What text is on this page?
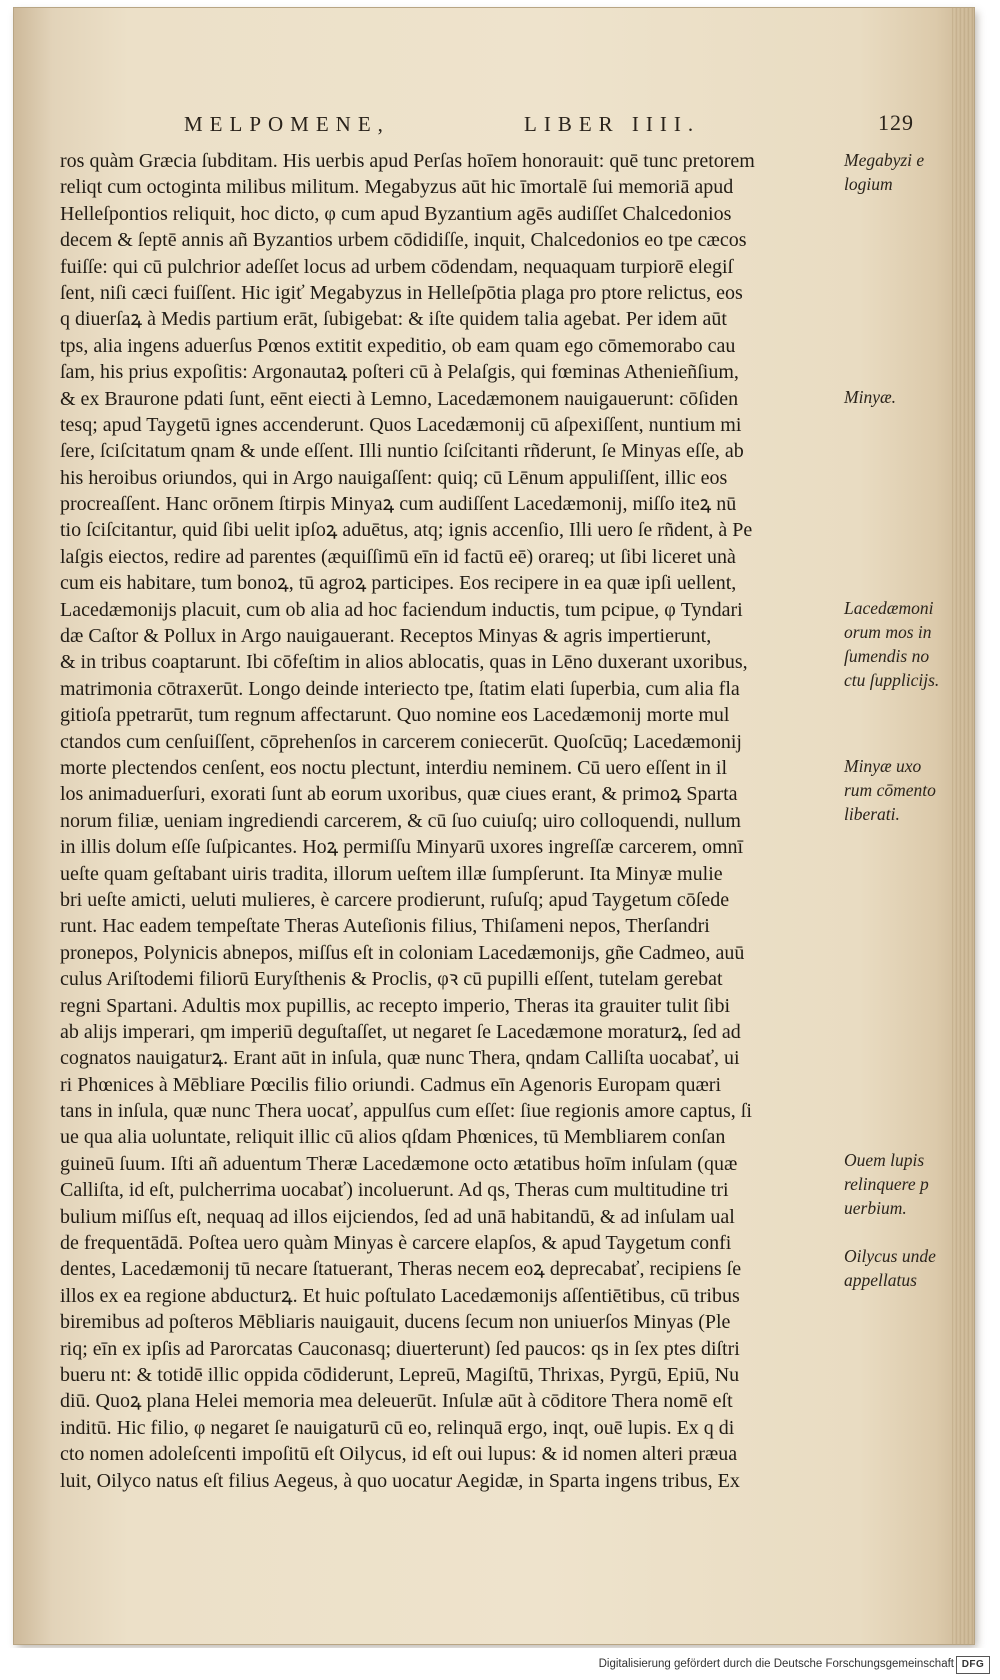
MELPOMENE,	LIBER IIII.	129
ros quàm Græcia ſubditam. His uerbis apud Perſas hoīem honorauit: quē tunc pretorem
reliqt cum octoginta milibus militum. Megabyzus aūt hic īmortalē ſui memoriā apud
Helleſpontios reliquit, hoc dicto, φ cum apud Byzantium agēs audiſſet Chalcedonios
decem & ſeptē annis añ Byzantios urbem cōdidiſſe, inquit, Chalcedonios eo tpe cæcos
fuiſſe: qui cū pulchrior adeſſet locus ad urbem cōdendam, nequaquam turpiorē elegiſ
ſent, niſi cæci fuiſſent. Hic igiť Megabyzus in Helleſpōtia plaga pro ptore relictus, eos
q diuerſaꝝ à Medis partium erāt, ſubigebat: & iſte quidem talia agebat. Per idem aūt
tps, alia ingens aduerſus Pœnos extitit expeditio, ob eam quam ego cōmemorabo cau
ſam, his prius expoſitis: Argonautaꝝ poſteri cū à Pelaſgis, qui fœminas Athenieñſium,
& ex Braurone pdati ſunt, eēnt eiecti à Lemno, Lacedæmonem nauigauerunt: cōſiden
tesq; apud Taygetū ignes accenderunt. Quos Lacedæmonij cū aſpexiſſent, nuntium mi
ſere, ſciſcitatum qnam & unde eſſent. Illi nuntio ſciſcitanti rñderunt, ſe Minyas eſſe, ab
his heroibus oriundos, qui in Argo nauigaſſent: quiq; cū Lēnum appuliſſent, illic eos
procreaſſent. Hanc orōnem ſtirpis Minyaꝝ cum audiſſent Lacedæmonij, miſſo iteꝝ nū
tio ſciſcitantur, quid ſibi uelit ipſoꝝ aduētus, atq; ignis accenſio, Illi uero ſe rñdent, à Pe
laſgis eiectos, redire ad parentes (æquiſſimū eīn id factū eē) orareq; ut ſibi liceret unà
cum eis habitare, tum bonoꝝ, tū agroꝝ participes. Eos recipere in ea quæ ipſi uellent,
Lacedæmonijs placuit, cum ob alia ad hoc faciendum inductis, tum pcipue, φ Tyndari
dæ Caſtor & Pollux in Argo nauigauerant. Receptos Minyas & agris impertierunt,
& in tribus coaptarunt. Ibi cōfeſtim in alios ablocatis, quas in Lēno duxerant uxoribus,
matrimonia cōtraxerūt. Longo deinde interiecto tpe, ſtatim elati ſuperbia, cum alia fla
gitioſa ppetrarūt, tum regnum affectarunt. Quo nomine eos Lacedæmonij morte mul
ctandos cum cenſuiſſent, cōprehenſos in carcerem coniecerūt. Quoſcūq; Lacedæmonij
morte plectendos cenſent, eos noctu plectunt, interdiu neminem. Cū uero eſſent in il
los animaduerſuri, exorati ſunt ab eorum uxoribus, quæ ciues erant, & primoꝝ Sparta
norum filiæ, ueniam ingrediendi carcerem, & cū ſuo cuiuſq; uiro colloquendi, nullum
in illis dolum eſſe ſuſpicantes. Hoꝝ permiſſu Minyarū uxores ingreſſæ carcerem, omnī
ueſte quam geſtabant uiris tradita, illorum ueſtem illæ ſumpſerunt. Ita Minyæ mulie
bri ueſte amicti, ueluti mulieres, è carcere prodierunt, ruſuſq; apud Taygetum cōſede
runt. Hac eadem tempeſtate Theras Auteſionis filius, Thiſameni nepos, Therſandri
pronepos, Polynicis abnepos, miſſus eſt in coloniam Lacedæmonijs, gñe Cadmeo, auū
culus Ariſtodemi filiorū Euryſthenis & Proclis, φꝛ cū pupilli eſſent, tutelam gerebat
regni Spartani. Adultis mox pupillis, ac recepto imperio, Theras ita grauiter tulit ſibi
ab alijs imperari, qm imperiū deguſtaſſet, ut negaret ſe Lacedæmone moraturꝝ, ſed ad
cognatos nauigaturꝝ. Erant aūt in inſula, quæ nunc Thera, qndam Calliſta uocabať, ui
ri Phœnices à Mēbliare Pœcilis filio oriundi. Cadmus eīn Agenoris Europam quæri
tans in inſula, quæ nunc Thera uocať, appulſus cum eſſet: ſiue regionis amore captus, ſi
ue qua alia uoluntate, reliquit illic cū alios qſdam Phœnices, tū Membliarem conſan
guineū ſuum. Iſti añ aduentum Theræ Lacedæmone octo ætatibus hoīm inſulam (quæ
Calliſta, id eſt, pulcherrima uocabať) incoluerunt. Ad qs, Theras cum multitudine tri
bulium miſſus eſt, nequaq ad illos eijciendos, ſed ad unā habitandū, & ad inſulam ual
de frequentādā. Poſtea uero quàm Minyas è carcere elapſos, & apud Taygetum confi
dentes, Lacedæmonij tū necare ſtatuerant, Theras necem eoꝝ deprecabať, recipiens ſe
illos ex ea regione abducturꝝ. Et huic poſtulato Lacedæmonijs aſſentiētibus, cū tribus
biremibus ad poſteros Mēbliaris nauigauit, ducens ſecum non uniuerſos Minyas (Ple
riq; eīn ex ipſis ad Parorcatas Cauconasq; diuerterunt) ſed paucos: qs in ſex ptes diſtri
bueru nt: & totidē illic oppida cōdiderunt, Lepreū, Magiſtū, Thrixas, Pyrgū, Epiū, Nu
diū. Quoꝝ plana Helei memoria mea deleuerūt. Inſulæ aūt à cōditore Thera nomē eſt
inditū. Hic filio, φ negaret ſe nauigaturū cū eo, relinquā ergo, inqt, ouē lupis. Ex q di
cto nomen adoleſcenti impoſitū eſt Oilycus, id eſt oui lupus: & id nomen alteri præua
luit, Oilyco natus eſt filius Aegeus, à quo uocatur Aegidæ, in Sparta ingens tribus, Ex
Megabyzi e
logium
Minyæ.
Lacedæmoni
orum mos in
ſumendis no
ctu ſupplicijs.
Minyæ uxo
rum cōmento
liberati.
Ouem lupis
relinquere p
uerbium.
Oilycus unde
appellatus
Digitalisierung gefördert durch die Deutsche Forschungsgemeinschaft DFG
